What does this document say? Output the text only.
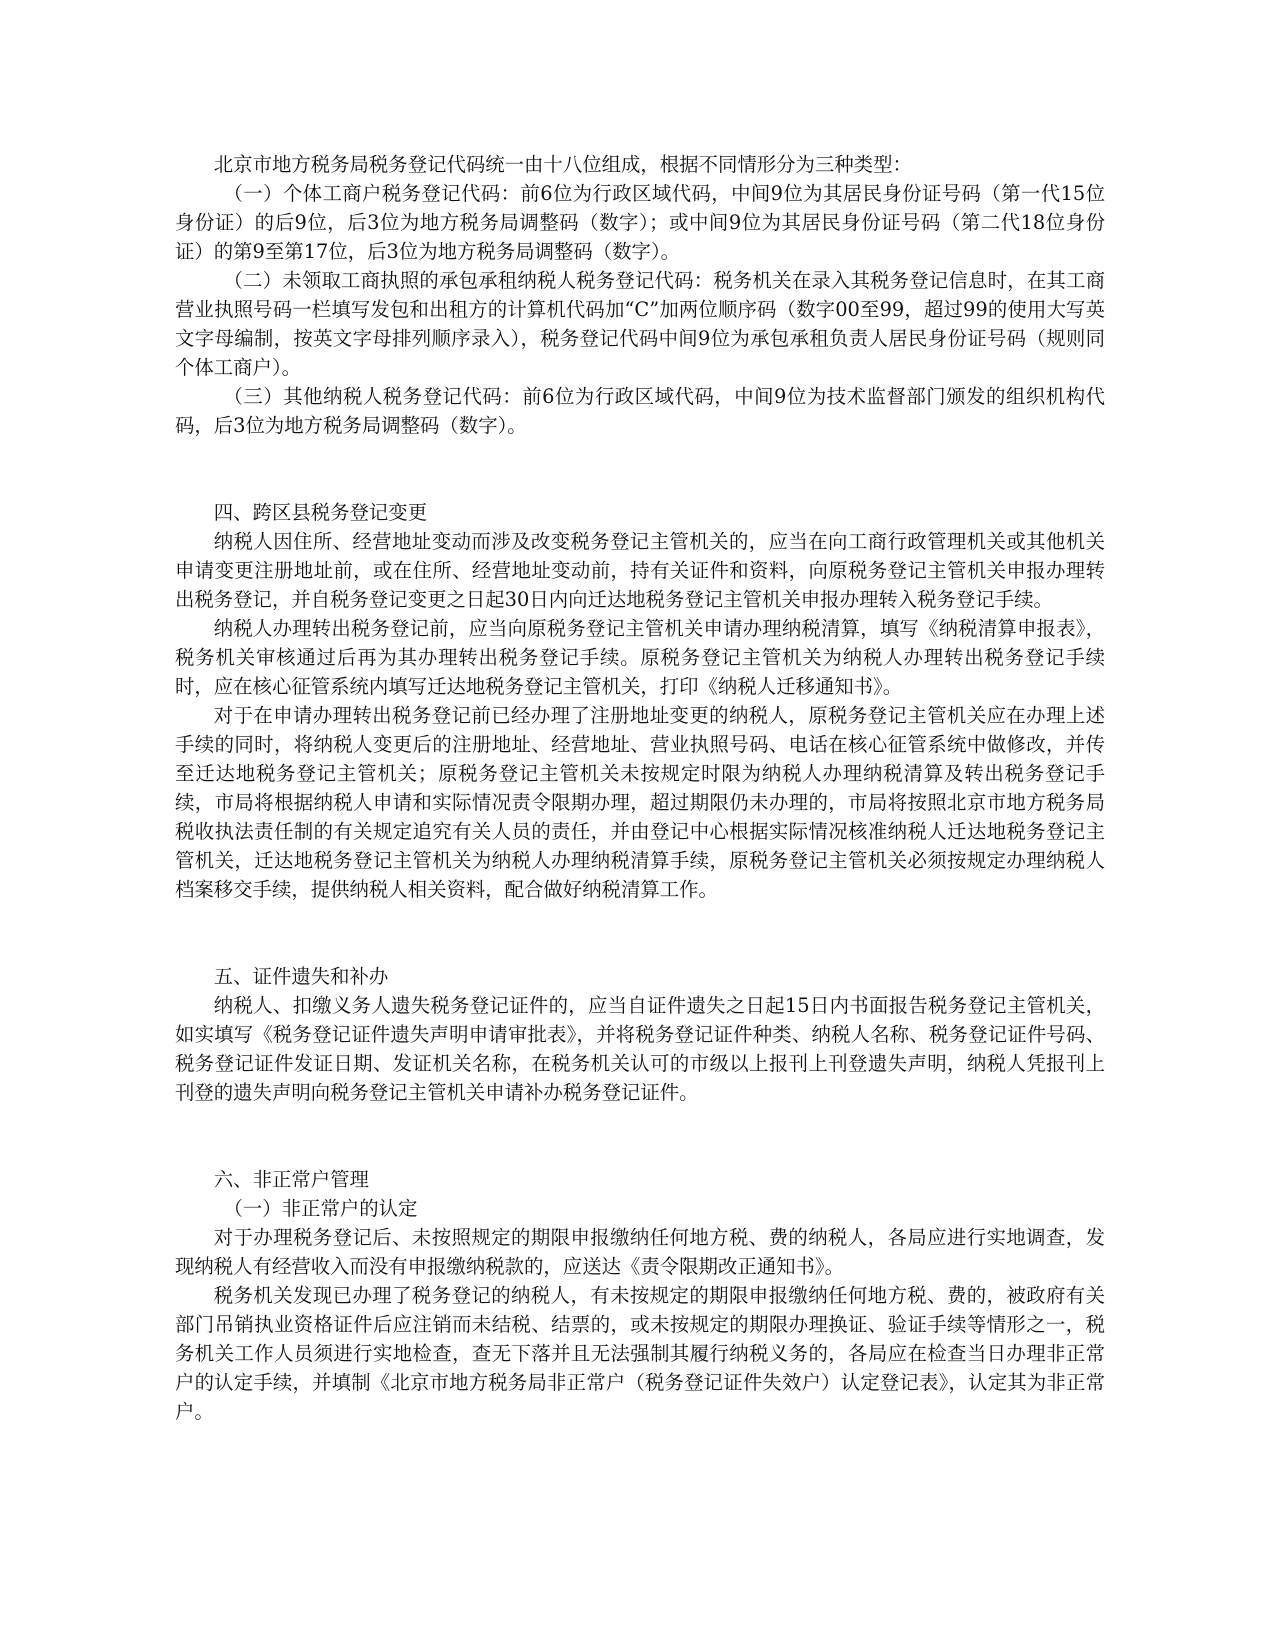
北京市地方税务局税务登记代码统一由十八位组成，根据不同情形分为三种类型：

（一）个体工商户税务登记代码：前6位为行政区域代码，中间9位为其居民身份证号码（第一代15位身份证）的后9位，后3位为地方税务局调整码（数字）；或中间9位为其居民身份证号码（第二代18位身份证）的第9至第17位，后3位为地方税务局调整码（数字）。

（二）未领取工商执照的承包承租纳税人税务登记代码：税务机关在录入其税务登记信息时，在其工商营业执照号码一栏填写发包和出租方的计算机代码加“C”加两位顺序码（数字00至99，超过99的使用大写英文字母编制，按英文字母排列顺序录入），税务登记代码中间9位为承包承租负责人居民身份证号码（规则同个体工商户）。

（三）其他纳税人税务登记代码：前6位为行政区域代码，中间9位为技术监督部门颁发的组织机构代码，后3位为地方税务局调整码（数字）。

四、跨区县税务登记变更

纳税人因住所、经营地址变动而涉及改变税务登记主管机关的，应当在向工商行政管理机关或其他机关申请变更注册地址前，或在住所、经营地址变动前，持有关证件和资料，向原税务登记主管机关申报办理转出税务登记，并自税务登记变更之日起30日内向迁达地税务登记主管机关申报办理转入税务登记手续。

纳税人办理转出税务登记前，应当向原税务登记主管机关申请办理纳税清算，填写《纳税清算申报表》，税务机关审核通过后再为其办理转出税务登记手续。原税务登记主管机关为纳税人办理转出税务登记手续时，应在核心征管系统内填写迁达地税务登记主管机关，打印《纳税人迁移通知书》。

对于在申请办理转出税务登记前已经办理了注册地址变更的纳税人，原税务登记主管机关应在办理上述手续的同时，将纳税人变更后的注册地址、经营地址、营业执照号码、电话在核心征管系统中做修改，并传至迁达地税务登记主管机关；原税务登记主管机关未按规定时限为纳税人办理纳税清算及转出税务登记手续，市局将根据纳税人申请和实际情况责令限期办理，超过期限仍未办理的，市局将按照北京市地方税务局税收执法责任制的有关规定追究有关人员的责任，并由登记中心根据实际情况核准纳税人迁达地税务登记主管机关，迁达地税务登记主管机关为纳税人办理纳税清算手续，原税务登记主管机关必须按规定办理纳税人档案移交手续，提供纳税人相关资料，配合做好纳税清算工作。

五、证件遗失和补办

纳税人、扣缴义务人遗失税务登记证件的，应当自证件遗失之日起15日内书面报告税务登记主管机关，如实填写《税务登记证件遗失声明申请审批表》，并将税务登记证件种类、纳税人名称、税务登记证件号码、税务登记证件发证日期、发证机关名称，在税务机关认可的市级以上报刊上刊登遗失声明，纳税人凭报刊上刊登的遗失声明向税务登记主管机关申请补办税务登记证件。

六、非正常户管理

（一）非正常户的认定

对于办理税务登记后、未按照规定的期限申报缴纳任何地方税、费的纳税人，各局应进行实地调查，发现纳税人有经营收入而没有申报缴纳税款的，应送达《责令限期改正通知书》。

税务机关发现已办理了税务登记的纳税人，有未按规定的期限申报缴纳任何地方税、费的，被政府有关部门吊销执业资格证件后应注销而未结税、结票的，或未按规定的期限办理换证、验证手续等情形之一，税务机关工作人员须进行实地检查，查无下落并且无法强制其履行纳税义务的，各局应在检查当日办理非正常户的认定手续，并填制《北京市地方税务局非正常户（税务登记证件失效户）认定登记表》，认定其为非正常户。
